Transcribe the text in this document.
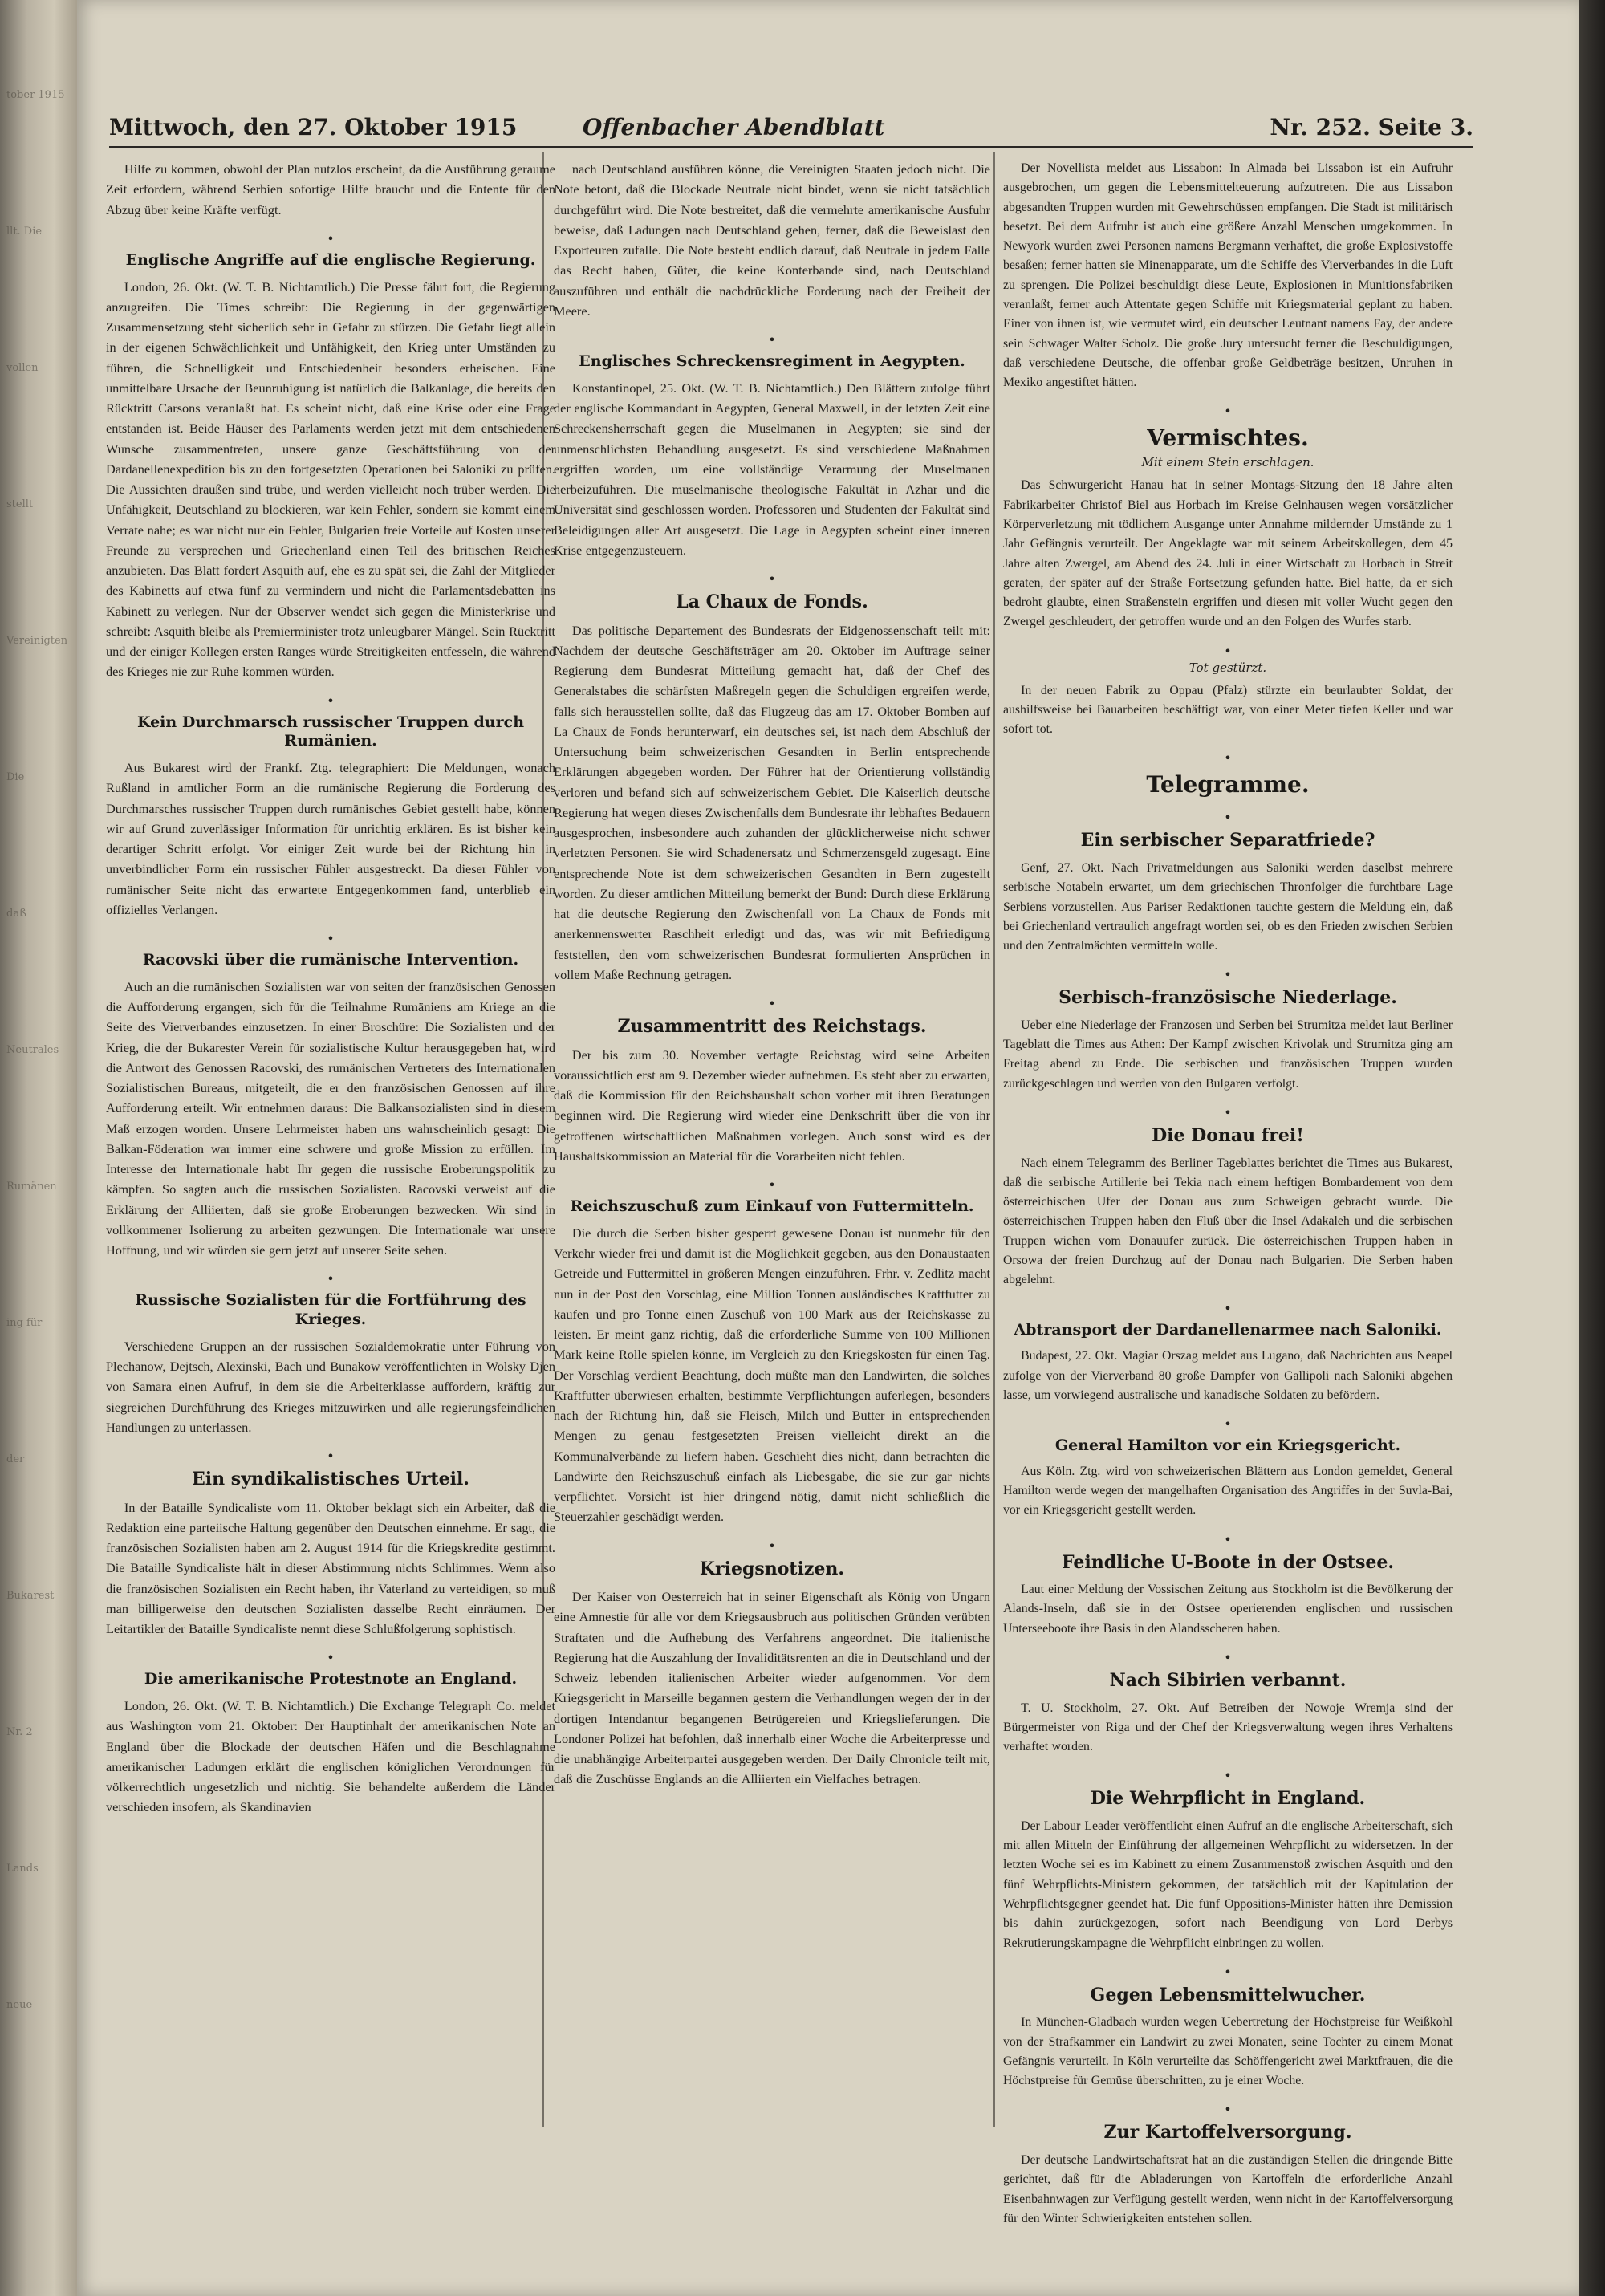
tober 1915
llt. Die
vollen
stellt
Vereinigten
Die
daß
Neutrales
Rumänen
ing für
der
Bukarest
Nr. 2
Lands
neue
Mittwoch, den 27. Oktober 1915	Offenbacher Abendblatt	Nr. 252. Seite 3.

Hilfe zu kommen, obwohl der Plan nutzlos erscheint, da die Ausführung geraume Zeit erfordern, während Serbien sofortige Hilfe braucht und die Entente für den Abzug über keine Kräfte verfügt.

•
Englische Angriffe auf die englische Regierung.

London, 26. Okt. (W. T. B. Nichtamtlich.) Die Presse fährt fort, die Regierung anzugreifen. Die Times schreibt: Die Regierung in der gegenwärtigen Zusammensetzung steht sicherlich sehr in Gefahr zu stürzen. Die Gefahr liegt allein in der eigenen Schwächlichkeit und Unfähigkeit, den Krieg unter Umständen zu führen, die Schnelligkeit und Entschiedenheit besonders erheischen. Eine unmittelbare Ursache der Beunruhigung ist natürlich die Balkanlage, die bereits den Rücktritt Carsons veranlaßt hat. Es scheint nicht, daß eine Krise oder eine Frage entstanden ist. Beide Häuser des Parlaments werden jetzt mit dem entschiedenen Wunsche zusammentreten, unsere ganze Geschäftsführung von der Dardanellenexpedition bis zu den fortgesetzten Operationen bei Saloniki zu prüfen. Die Aussichten draußen sind trübe, und werden vielleicht noch trüber werden. Die Unfähigkeit, Deutschland zu blockieren, war kein Fehler, sondern sie kommt einem Verrate nahe; es war nicht nur ein Fehler, Bulgarien freie Vorteile auf Kosten unserer Freunde zu versprechen und Griechenland einen Teil des britischen Reiches anzubieten. Das Blatt fordert Asquith auf, ehe es zu spät sei, die Zahl der Mitglieder des Kabinetts auf etwa fünf zu vermindern und nicht die Parlamentsdebatten ins Kabinett zu verlegen. Nur der Observer wendet sich gegen die Ministerkrise und schreibt: Asquith bleibe als Premierminister trotz unleugbarer Mängel. Sein Rücktritt und der einiger Kollegen ersten Ranges würde Streitigkeiten entfesseln, die während des Krieges nie zur Ruhe kommen würden.

•
Kein Durchmarsch russischer Truppen durch Rumänien.

Aus Bukarest wird der Frankf. Ztg. telegraphiert: Die Meldungen, wonach Rußland in amtlicher Form an die rumänische Regierung die Forderung des Durchmarsches russischer Truppen durch rumänisches Gebiet gestellt habe, können wir auf Grund zuverlässiger Information für unrichtig erklären. Es ist bisher kein derartiger Schritt erfolgt. Vor einiger Zeit wurde bei der Richtung hin in unverbindlicher Form ein russischer Fühler ausgestreckt. Da dieser Fühler von rumänischer Seite nicht das erwartete Entgegenkommen fand, unterblieb ein offizielles Verlangen.

•
Racovski über die rumänische Intervention.

Auch an die rumänischen Sozialisten war von seiten der französischen Genossen die Aufforderung ergangen, sich für die Teilnahme Rumäniens am Kriege an die Seite des Vierverbandes einzusetzen. In einer Broschüre: Die Sozialisten und der Krieg, die der Bukarester Verein für sozialistische Kultur herausgegeben hat, wird die Antwort des Genossen Racovski, des rumänischen Vertreters des Internationalen Sozialistischen Bureaus, mitgeteilt, die er den französischen Genossen auf ihre Aufforderung erteilt. Wir entnehmen daraus: Die Balkansozialisten sind in diesem Maß erzogen worden. Unsere Lehrmeister haben uns wahrscheinlich gesagt: Die Balkan-Föderation war immer eine schwere und große Mission zu erfüllen. Im Interesse der Internationale habt Ihr gegen die russische Eroberungspolitik zu kämpfen. So sagten auch die russischen Sozialisten. Racovski verweist auf die Erklärung der Alliierten, daß sie große Eroberungen bezwecken. Wir sind in vollkommener Isolierung zu arbeiten gezwungen. Die Internationale war unsere Hoffnung, und wir würden sie gern jetzt auf unserer Seite sehen.

•
Russische Sozialisten für die Fortführung des Krieges.

Verschiedene Gruppen an der russischen Sozialdemokratie unter Führung von Plechanow, Dejtsch, Alexinski, Bach und Bunakow veröffentlichten in Wolsky Djen von Samara einen Aufruf, in dem sie die Arbeiterklasse auffordern, kräftig zur siegreichen Durchführung des Krieges mitzuwirken und alle regierungsfeindlichen Handlungen zu unterlassen.

•
Ein syndikalistisches Urteil.

In der Bataille Syndicaliste vom 11. Oktober beklagt sich ein Arbeiter, daß die Redaktion eine parteiische Haltung gegenüber den Deutschen einnehme. Er sagt, die französischen Sozialisten haben am 2. August 1914 für die Kriegskredite gestimmt. Die Bataille Syndicaliste hält in dieser Abstimmung nichts Schlimmes. Wenn also die französischen Sozialisten ein Recht haben, ihr Vaterland zu verteidigen, so muß man billigerweise den deutschen Sozialisten dasselbe Recht einräumen. Der Leitartikler der Bataille Syndicaliste nennt diese Schlußfolgerung sophistisch.

•
Die amerikanische Protestnote an England.

London, 26. Okt. (W. T. B. Nichtamtlich.) Die Exchange Telegraph Co. meldet aus Washington vom 21. Oktober: Der Hauptinhalt der amerikanischen Note an England über die Blockade der deutschen Häfen und die Beschlagnahme amerikanischer Ladungen erklärt die englischen königlichen Verordnungen für völkerrechtlich ungesetzlich und nichtig. Sie behandelte außerdem die Länder verschieden insofern, als Skandinavien

nach Deutschland ausführen könne, die Vereinigten Staaten jedoch nicht. Die Note betont, daß die Blockade Neutrale nicht bindet, wenn sie nicht tatsächlich durchgeführt wird. Die Note bestreitet, daß die vermehrte amerikanische Ausfuhr beweise, daß Ladungen nach Deutschland gehen, ferner, daß die Beweislast den Exporteuren zufalle. Die Note besteht endlich darauf, daß Neutrale in jedem Falle das Recht haben, Güter, die keine Konterbande sind, nach Deutschland auszuführen und enthält die nachdrückliche Forderung nach der Freiheit der Meere.

•
Englisches Schreckensregiment in Aegypten.

Konstantinopel, 25. Okt. (W. T. B. Nichtamtlich.) Den Blättern zufolge führt der englische Kommandant in Aegypten, General Maxwell, in der letzten Zeit eine Schreckensherrschaft gegen die Muselmanen in Aegypten; sie sind der unmenschlichsten Behandlung ausgesetzt. Es sind verschiedene Maßnahmen ergriffen worden, um eine vollständige Verarmung der Muselmanen herbeizuführen. Die muselmanische theologische Fakultät in Azhar und die Universität sind geschlossen worden. Professoren und Studenten der Fakultät sind Beleidigungen aller Art ausgesetzt. Die Lage in Aegypten scheint einer inneren Krise entgegenzusteuern.

•
La Chaux de Fonds.

Das politische Departement des Bundesrats der Eidgenossenschaft teilt mit: Nachdem der deutsche Geschäftsträger am 20. Oktober im Auftrage seiner Regierung dem Bundesrat Mitteilung gemacht hat, daß der Chef des Generalstabes die schärfsten Maßregeln gegen die Schuldigen ergreifen werde, falls sich herausstellen sollte, daß das Flugzeug das am 17. Oktober Bomben auf La Chaux de Fonds herunterwarf, ein deutsches sei, ist nach dem Abschluß der Untersuchung beim schweizerischen Gesandten in Berlin entsprechende Erklärungen abgegeben worden. Der Führer hat der Orientierung vollständig verloren und befand sich auf schweizerischem Gebiet. Die Kaiserlich deutsche Regierung hat wegen dieses Zwischenfalls dem Bundesrate ihr lebhaftes Bedauern ausgesprochen, insbesondere auch zuhanden der glücklicherweise nicht schwer verletzten Personen. Sie wird Schadenersatz und Schmerzensgeld zugesagt. Eine entsprechende Note ist dem schweizerischen Gesandten in Bern zugestellt worden. Zu dieser amtlichen Mitteilung bemerkt der Bund: Durch diese Erklärung hat die deutsche Regierung den Zwischenfall von La Chaux de Fonds mit anerkennenswerter Raschheit erledigt und das, was wir mit Befriedigung feststellen, den vom schweizerischen Bundesrat formulierten Ansprüchen in vollem Maße Rechnung getragen.

•
Zusammentritt des Reichstags.

Der bis zum 30. November vertagte Reichstag wird seine Arbeiten voraussichtlich erst am 9. Dezember wieder aufnehmen. Es steht aber zu erwarten, daß die Kommission für den Reichshaushalt schon vorher mit ihren Beratungen beginnen wird. Die Regierung wird wieder eine Denkschrift über die von ihr getroffenen wirtschaftlichen Maßnahmen vorlegen. Auch sonst wird es der Haushaltskommission an Material für die Vorarbeiten nicht fehlen.

•
Reichszuschuß zum Einkauf von Futtermitteln.

Die durch die Serben bisher gesperrt gewesene Donau ist nunmehr für den Verkehr wieder frei und damit ist die Möglichkeit gegeben, aus den Donaustaaten Getreide und Futtermittel in größeren Mengen einzuführen. Frhr. v. Zedlitz macht nun in der Post den Vorschlag, eine Million Tonnen ausländisches Kraftfutter zu kaufen und pro Tonne einen Zuschuß von 100 Mark aus der Reichskasse zu leisten. Er meint ganz richtig, daß die erforderliche Summe von 100 Millionen Mark keine Rolle spielen könne, im Vergleich zu den Kriegskosten für einen Tag. Der Vorschlag verdient Beachtung, doch müßte man den Landwirten, die solches Kraftfutter überwiesen erhalten, bestimmte Verpflichtungen auferlegen, besonders nach der Richtung hin, daß sie Fleisch, Milch und Butter in entsprechenden Mengen zu genau festgesetzten Preisen vielleicht direkt an die Kommunalverbände zu liefern haben. Geschieht dies nicht, dann betrachten die Landwirte den Reichszuschuß einfach als Liebesgabe, die sie zur gar nichts verpflichtet. Vorsicht ist hier dringend nötig, damit nicht schließlich die Steuerzahler geschädigt werden.

•
Kriegsnotizen.

Der Kaiser von Oesterreich hat in seiner Eigenschaft als König von Ungarn eine Amnestie für alle vor dem Kriegsausbruch aus politischen Gründen verübten Straftaten und die Aufhebung des Verfahrens angeordnet. Die italienische Regierung hat die Auszahlung der Invaliditätsrenten an die in Deutschland und der Schweiz lebenden italienischen Arbeiter wieder aufgenommen. Vor dem Kriegsgericht in Marseille begannen gestern die Verhandlungen wegen der in der dortigen Intendantur begangenen Betrügereien und Kriegslieferungen. Die Londoner Polizei hat befohlen, daß innerhalb einer Woche die Arbeiterpresse und die unabhängige Arbeiterpartei ausgegeben werden. Der Daily Chronicle teilt mit, daß die Zuschüsse Englands an die Alliierten ein Vielfaches betragen.

Der Novellista meldet aus Lissabon: In Almada bei Lissabon ist ein Aufruhr ausgebrochen, um gegen die Lebensmittelteuerung aufzutreten. Die aus Lissabon abgesandten Truppen wurden mit Gewehrschüssen empfangen. Die Stadt ist militärisch besetzt. Bei dem Aufruhr ist auch eine größere Anzahl Menschen umgekommen. In Newyork wurden zwei Personen namens Bergmann verhaftet, die große Explosivstoffe besaßen; ferner hatten sie Minenapparate, um die Schiffe des Vierverbandes in die Luft zu sprengen. Die Polizei beschuldigt diese Leute, Explosionen in Munitionsfabriken veranlaßt, ferner auch Attentate gegen Schiffe mit Kriegsmaterial geplant zu haben. Einer von ihnen ist, wie vermutet wird, ein deutscher Leutnant namens Fay, der andere sein Schwager Walter Scholz. Die große Jury untersucht ferner die Beschuldigungen, daß verschiedene Deutsche, die offenbar große Geldbeträge besitzen, Unruhen in Mexiko angestiftet hätten.

•
Vermischtes.
Mit einem Stein erschlagen.

Das Schwurgericht Hanau hat in seiner Montags-Sitzung den 18 Jahre alten Fabrikarbeiter Christof Biel aus Horbach im Kreise Gelnhausen wegen vorsätzlicher Körperverletzung mit tödlichem Ausgange unter Annahme mildernder Umstände zu 1 Jahr Gefängnis verurteilt. Der Angeklagte war mit seinem Arbeitskollegen, dem 45 Jahre alten Zwergel, am Abend des 24. Juli in einer Wirtschaft zu Horbach in Streit geraten, der später auf der Straße Fortsetzung gefunden hatte. Biel hatte, da er sich bedroht glaubte, einen Straßenstein ergriffen und diesen mit voller Wucht gegen den Zwergel geschleudert, der getroffen wurde und an den Folgen des Wurfes starb.

•
Tot gestürzt.

In der neuen Fabrik zu Oppau (Pfalz) stürzte ein beurlaubter Soldat, der aushilfsweise bei Bauarbeiten beschäftigt war, von einer Meter tiefen Keller und war sofort tot.

•
Telegramme.
•
Ein serbischer Separatfriede?

Genf, 27. Okt. Nach Privatmeldungen aus Saloniki werden daselbst mehrere serbische Notabeln erwartet, um dem griechischen Thronfolger die furchtbare Lage Serbiens vorzustellen. Aus Pariser Redaktionen tauchte gestern die Meldung ein, daß bei Griechenland vertraulich angefragt worden sei, ob es den Frieden zwischen Serbien und den Zentralmächten vermitteln wolle.

•
Serbisch-französische Niederlage.

Ueber eine Niederlage der Franzosen und Serben bei Strumitza meldet laut Berliner Tageblatt die Times aus Athen: Der Kampf zwischen Krivolak und Strumitza ging am Freitag abend zu Ende. Die serbischen und französischen Truppen wurden zurückgeschlagen und werden von den Bulgaren verfolgt.

•
Die Donau frei!

Nach einem Telegramm des Berliner Tageblattes berichtet die Times aus Bukarest, daß die serbische Artillerie bei Tekia nach einem heftigen Bombardement von dem österreichischen Ufer der Donau aus zum Schweigen gebracht wurde. Die österreichischen Truppen haben den Fluß über die Insel Adakaleh und die serbischen Truppen wichen vom Donauufer zurück. Die österreichischen Truppen haben in Orsowa der freien Durchzug auf der Donau nach Bulgarien. Die Serben haben abgelehnt.

•
Abtransport der Dardanellenarmee nach Saloniki.

Budapest, 27. Okt. Magiar Orszag meldet aus Lugano, daß Nachrichten aus Neapel zufolge von der Vierverband 80 große Dampfer von Gallipoli nach Saloniki abgehen lasse, um vorwiegend australische und kanadische Soldaten zu befördern.

•
General Hamilton vor ein Kriegsgericht.

Aus Köln. Ztg. wird von schweizerischen Blättern aus London gemeldet, General Hamilton werde wegen der mangelhaften Organisation des Angriffes in der Suvla-Bai, vor ein Kriegsgericht gestellt werden.

•
Feindliche U-Boote in der Ostsee.

Laut einer Meldung der Vossischen Zeitung aus Stockholm ist die Bevölkerung der Alands-Inseln, daß sie in der Ostsee operierenden englischen und russischen Unterseeboote ihre Basis in den Alandsscheren haben.

•
Nach Sibirien verbannt.

T. U. Stockholm, 27. Okt. Auf Betreiben der Nowoje Wremja sind der Bürgermeister von Riga und der Chef der Kriegsverwaltung wegen ihres Verhaltens verhaftet worden.

•
Die Wehrpflicht in England.

Der Labour Leader veröffentlicht einen Aufruf an die englische Arbeiterschaft, sich mit allen Mitteln der Einführung der allgemeinen Wehrpflicht zu widersetzen. In der letzten Woche sei es im Kabinett zu einem Zusammenstoß zwischen Asquith und den fünf Wehrpflichts-Ministern gekommen, der tatsächlich mit der Kapitulation der Wehrpflichtsgegner geendet hat. Die fünf Oppositions-Minister hätten ihre Demission bis dahin zurückgezogen, sofort nach Beendigung von Lord Derbys Rekrutierungskampagne die Wehrpflicht einbringen zu wollen.

•
Gegen Lebensmittelwucher.

In München-Gladbach wurden wegen Uebertretung der Höchstpreise für Weißkohl von der Strafkammer ein Landwirt zu zwei Monaten, seine Tochter zu einem Monat Gefängnis verurteilt. In Köln verurteilte das Schöffengericht zwei Marktfrauen, die die Höchstpreise für Gemüse überschritten, zu je einer Woche.

•
Zur Kartoffelversorgung.

Der deutsche Landwirtschaftsrat hat an die zuständigen Stellen die dringende Bitte gerichtet, daß für die Abladerungen von Kartoffeln die erforderliche Anzahl Eisenbahnwagen zur Verfügung gestellt werden, wenn nicht in der Kartoffelversorgung für den Winter Schwierigkeiten entstehen sollen.
